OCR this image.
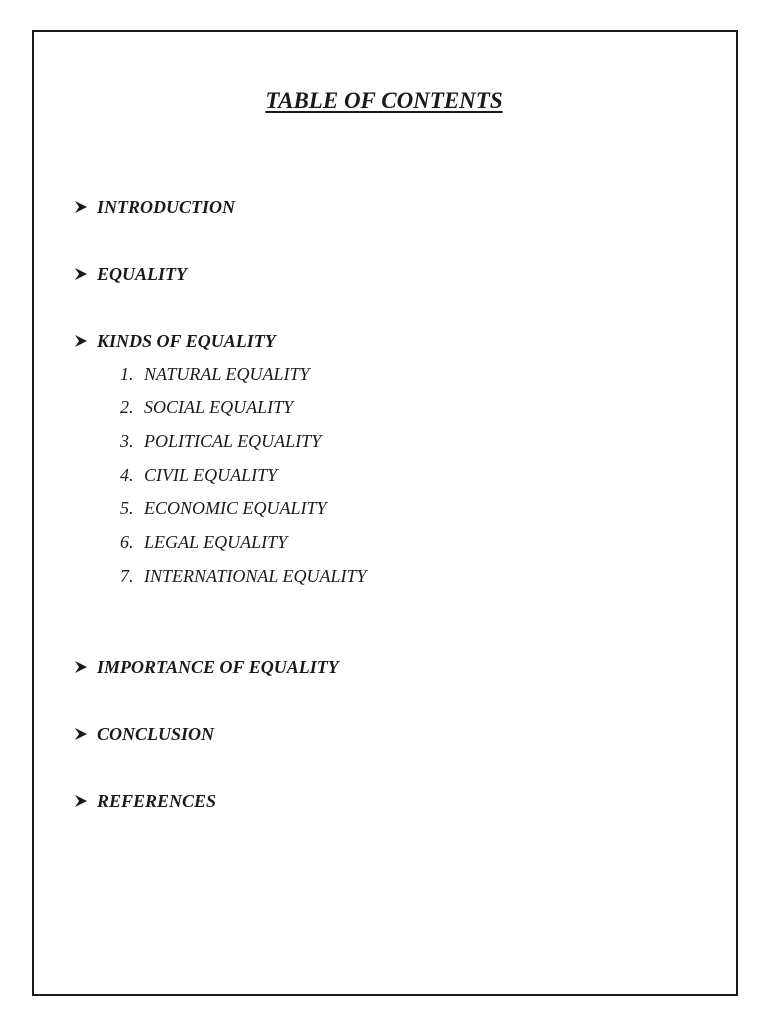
TABLE OF CONTENTS
INTRODUCTION
EQUALITY
KINDS OF EQUALITY
1. NATURAL EQUALITY
2. SOCIAL EQUALITY
3. POLITICAL EQUALITY
4. CIVIL EQUALITY
5. ECONOMIC EQUALITY
6. LEGAL EQUALITY
7. INTERNATIONAL EQUALITY
IMPORTANCE OF EQUALITY
CONCLUSION
REFERENCES
